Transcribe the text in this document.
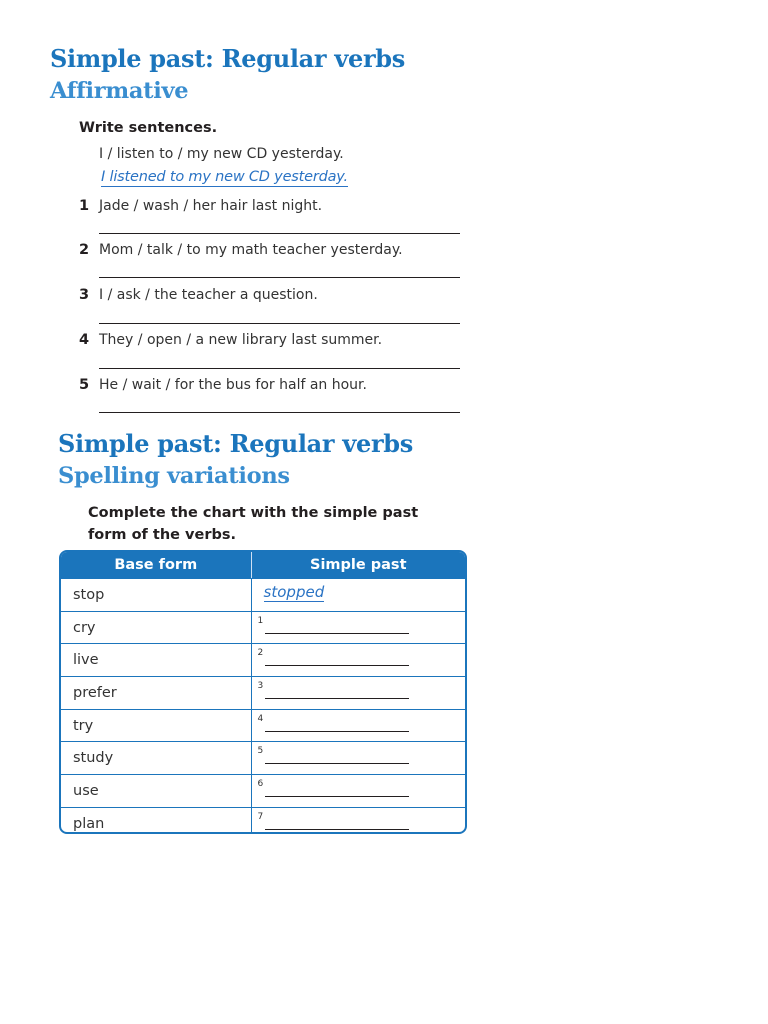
Simple past: Regular verbs
Affirmative
Write sentences.
I / listen to / my new CD yesterday.
I listened to my new CD yesterday.
1 Jade / wash / her hair last night.
2 Mom / talk / to my math teacher yesterday.
3 I / ask / the teacher a question.
4 They / open / a new library last summer.
5 He / wait / for the bus for half an hour.
Simple past: Regular verbs
Spelling variations
Complete the chart with the simple past
form of the verbs.
Base form	Simple past
stop	stopped
cry	1
live	2
prefer	3
try	4
study	5
use	6
plan	7
